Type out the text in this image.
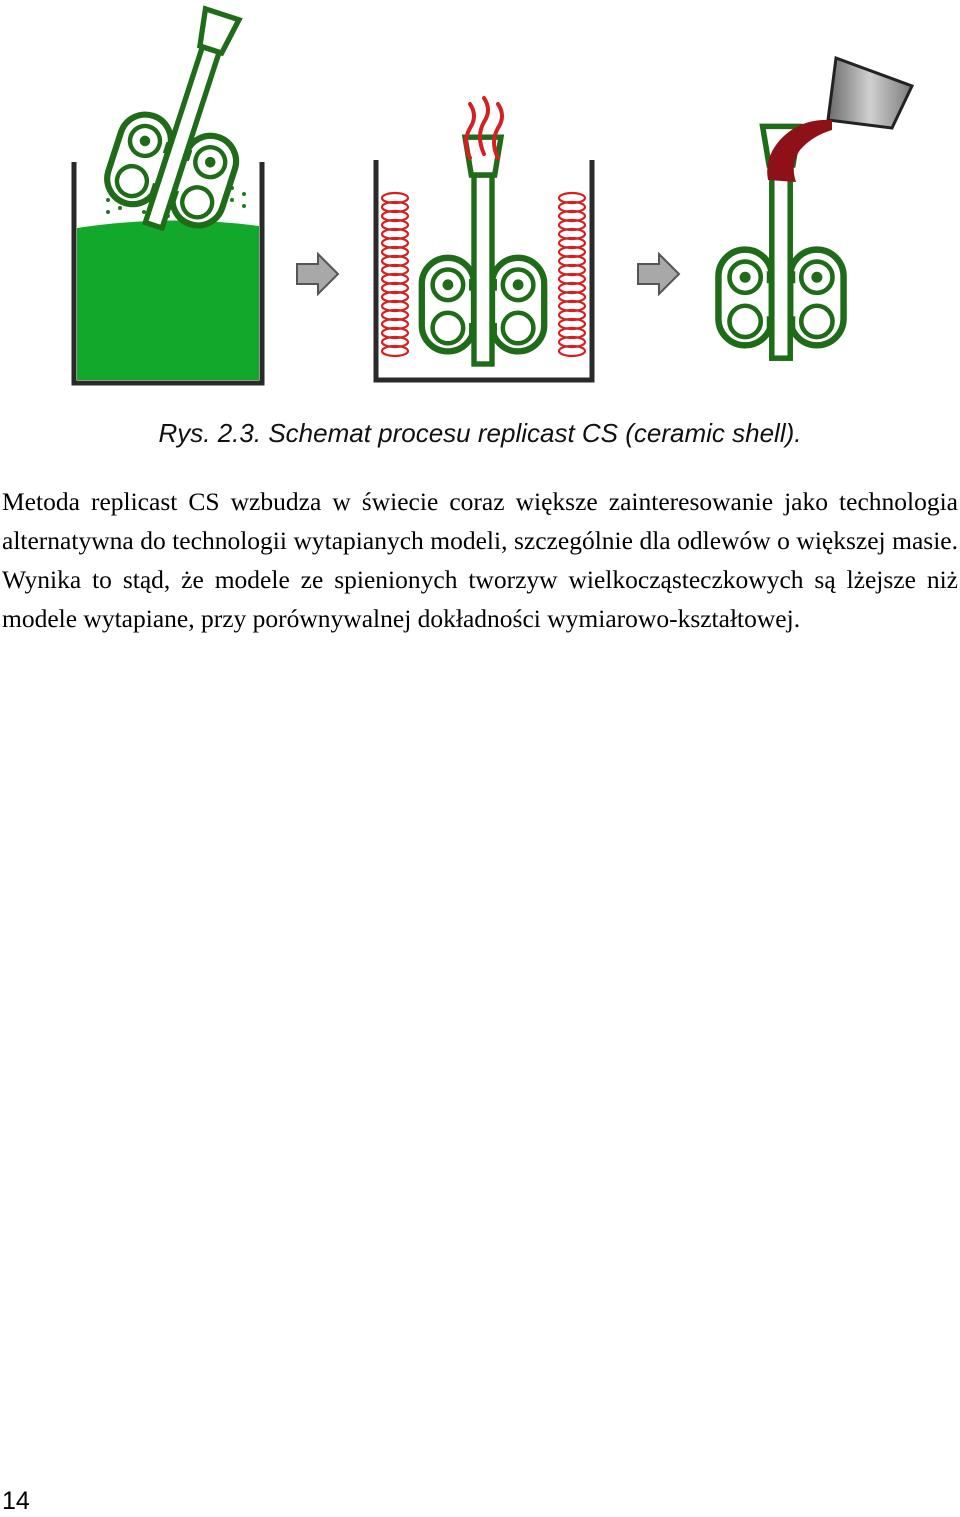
Rys. 2.3. Schemat procesu replicast CS (ceramic shell).

Metoda replicast CS wzbudza w świecie coraz większe zainteresowanie jako technologia alternatywna do technologii wytapianych modeli, szczególnie dla odlewów o większej masie. Wynika to stąd, że modele ze spienionych tworzyw wielkocząsteczkowych są lżejsze niż modele wytapiane, przy porównywalnej dokładności wymiarowo-kształtowej.

14
